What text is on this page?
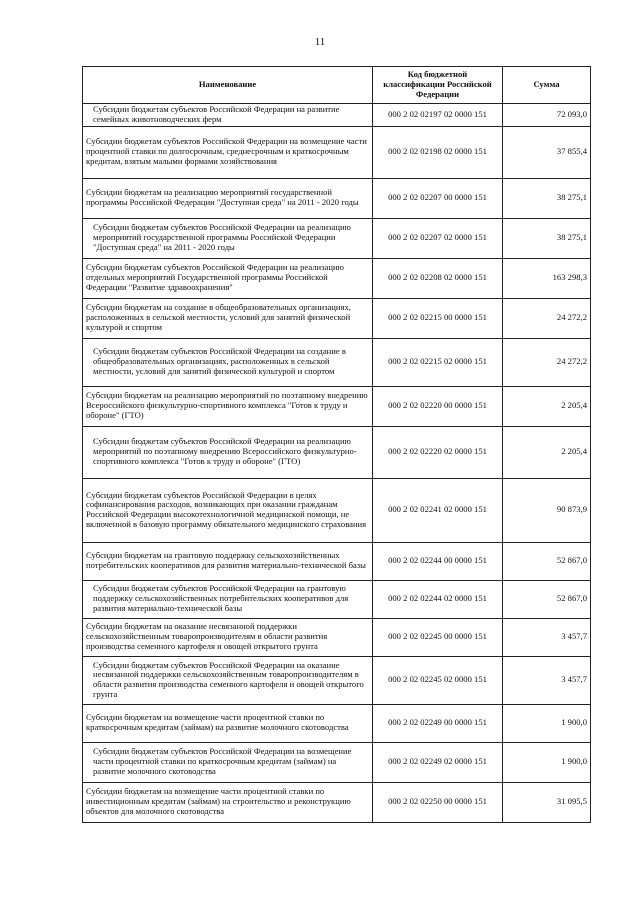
11
Наименование	Код бюджетной классификации Российской Федерации	Сумма
Субсидии бюджетам субъектов Российской Федерации на развитие семейных животноводческих ферм	000 2 02 02197 02 0000 151	72 093,0
Субсидии бюджетам субъектов Российской Федерации на возмещение части процентной ставки по долгосрочным, среднесрочным и краткосрочным кредитам, взятым малыми формами хозяйствования	000 2 02 02198 02 0000 151	37 855,4
Субсидии бюджетам на реализацию мероприятий государственной программы Российской Федерации "Доступная среда" на 2011 - 2020 годы	000 2 02 02207 00 0000 151	38 275,1
Субсидии бюджетам субъектов Российской Федерации на реализацию мероприятий государственной программы Российской Федерации "Доступная среда" на 2011 - 2020 годы	000 2 02 02207 02 0000 151	38 275,1
Субсидии бюджетам субъектов Российской Федерации на реализацию отдельных мероприятий Государственной программы Российской Федерации "Развитие здравоохранения"	000 2 02 02208 02 0000 151	163 298,3
Субсидии бюджетам на создание в общеобразовательных организациях, расположенных в сельской местности, условий для занятий физической культурой и спортом	000 2 02 02215 00 0000 151	24 272,2
Субсидии бюджетам субъектов Российской Федерации на создание в общеобразовательных организациях, расположенных в сельской местности, условий для занятий физической культурой и спортом	000 2 02 02215 02 0000 151	24 272,2
Субсидии бюджетам на реализацию мероприятий по поэтапному внедрению Всероссийского физкультурно-спортивного комплекса "Готов к труду и обороне" (ГТО)	000 2 02 02220 00 0000 151	2 205,4
Субсидии бюджетам субъектов Российской Федерации на реализацию мероприятий по поэтапному внедрению Всероссийского физкультурно-спортивного комплекса "Готов к труду и обороне" (ГТО)	000 2 02 02220 02 0000 151	2 205,4
Субсидии бюджетам субъектов Российской Федерации в целях софинансирования расходов, возникающих при оказании гражданам Российской Федерации высокотехнологичной медицинской помощи, не включенной в базовую программу обязательного медицинского страхования	000 2 02 02241 02 0000 151	90 873,9
Субсидии бюджетам на грантовую поддержку сельскохозяйственных потребительских кооперативов для развития материально-технической базы	000 2 02 02244 00 0000 151	52 867,0
Субсидии бюджетам субъектов Российской Федерации на грантовую поддержку сельскохозяйственных потребительских кооперативов для развития материально-технической базы	000 2 02 02244 02 0000 151	52 867,0
Субсидии бюджетам на оказание несвязанной поддержки сельскохозяйственным товаропроизводителям в области развития производства семенного картофеля и овощей открытого грунта	000 2 02 02245 00 0000 151	3 457,7
Субсидии бюджетам субъектов Российской Федерации на оказание несвязанной поддержки сельскохозяйственным товаропроизводителям в области развития производства семенного картофеля и овощей открытого грунта	000 2 02 02245 02 0000 151	3 457,7
Субсидии бюджетам на возмещение части процентной ставки по краткосрочным кредитам (займам) на развитие молочного скотоводства	000 2 02 02249 00 0000 151	1 900,0
Субсидии бюджетам субъектов Российской Федерации на возмещение части процентной ставки по краткосрочным кредитам (займам) на развитие молочного скотоводства	000 2 02 02249 02 0000 151	1 900,0
Субсидии бюджетам на возмещение части процентной ставки по инвестиционным кредитам (займам) на строительство и реконструкцию объектов для молочного скотоводства	000 2 02 02250 00 0000 151	31 095,5
